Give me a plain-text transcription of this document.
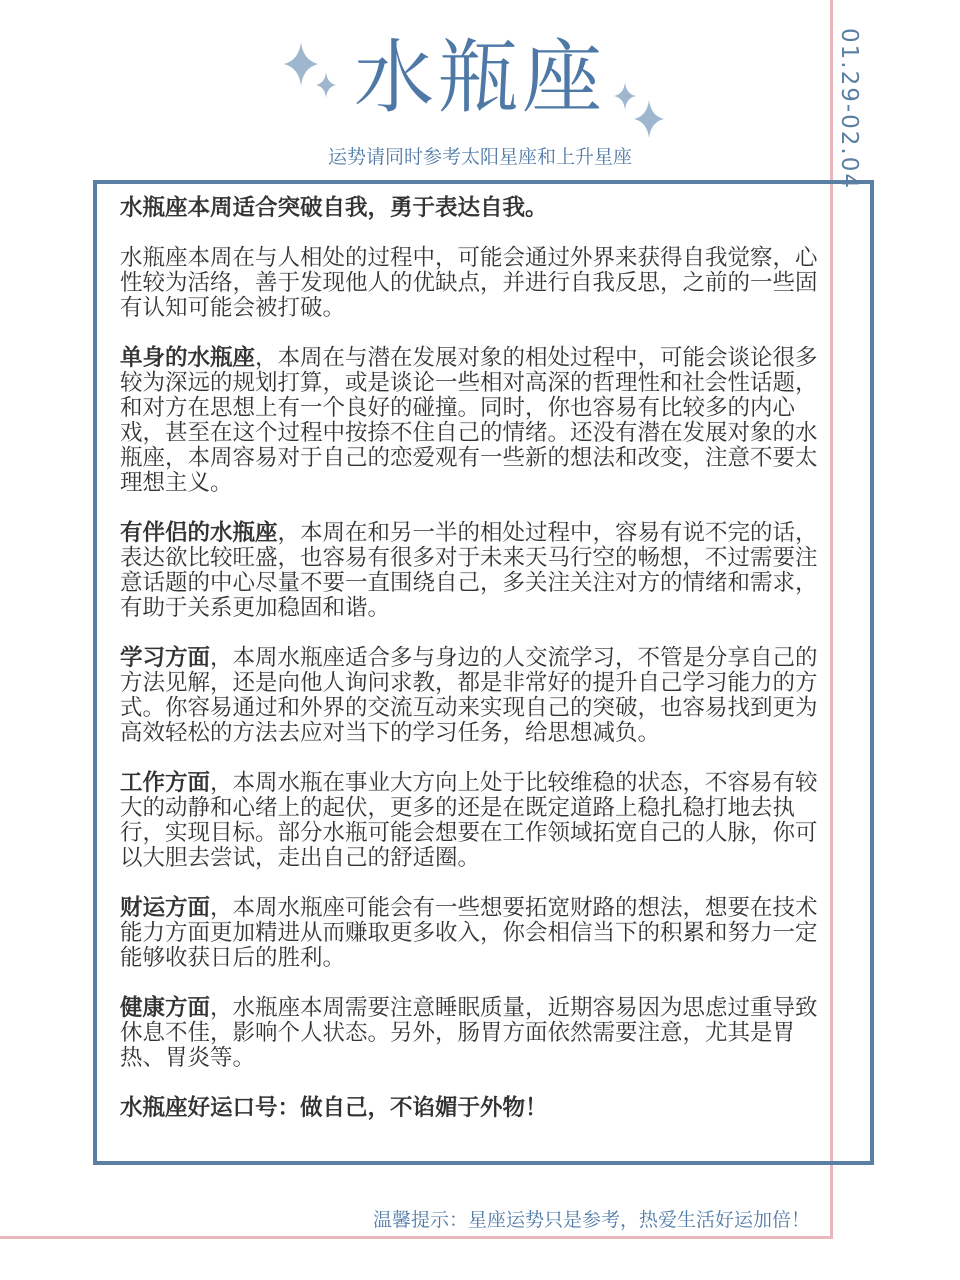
水瓶座
运势请同时参考太阳星座和上升星座	01.29-02.04

水瓶座本周适合突破自我，勇于表达自我。

水瓶座本周在与人相处的过程中，可能会通过外界来获得自我觉察，心性较为活络，善于发现他人的优缺点，并进行自我反思，之前的一些固有认知可能会被打破。

单身的水瓶座，本周在与潜在发展对象的相处过程中，可能会谈论很多较为深远的规划打算，或是谈论一些相对高深的哲理性和社会性话题，和对方在思想上有一个良好的碰撞。同时，你也容易有比较多的内心戏，甚至在这个过程中按捺不住自己的情绪。还没有潜在发展对象的水瓶座，本周容易对于自己的恋爱观有一些新的想法和改变，注意不要太理想主义。

有伴侣的水瓶座，本周在和另一半的相处过程中，容易有说不完的话，表达欲比较旺盛，也容易有很多对于未来天马行空的畅想，不过需要注意话题的中心尽量不要一直围绕自己，多关注关注对方的情绪和需求，有助于关系更加稳固和谐。

学习方面，本周水瓶座适合多与身边的人交流学习，不管是分享自己的方法见解，还是向他人询问求教，都是非常好的提升自己学习能力的方式。你容易通过和外界的交流互动来实现自己的突破，也容易找到更为高效轻松的方法去应对当下的学习任务，给思想减负。

工作方面，本周水瓶在事业大方向上处于比较维稳的状态，不容易有较大的动静和心绪上的起伏，更多的还是在既定道路上稳扎稳打地去执行，实现目标。部分水瓶可能会想要在工作领域拓宽自己的人脉，你可以大胆去尝试，走出自己的舒适圈。

财运方面，本周水瓶座可能会有一些想要拓宽财路的想法，想要在技术能力方面更加精进从而赚取更多收入，你会相信当下的积累和努力一定能够收获日后的胜利。

健康方面，水瓶座本周需要注意睡眠质量，近期容易因为思虑过重导致休息不佳，影响个人状态。另外，肠胃方面依然需要注意，尤其是胃热、胃炎等。

水瓶座好运口号：做自己，不谄媚于外物！

温馨提示：星座运势只是参考，热爱生活好运加倍！
